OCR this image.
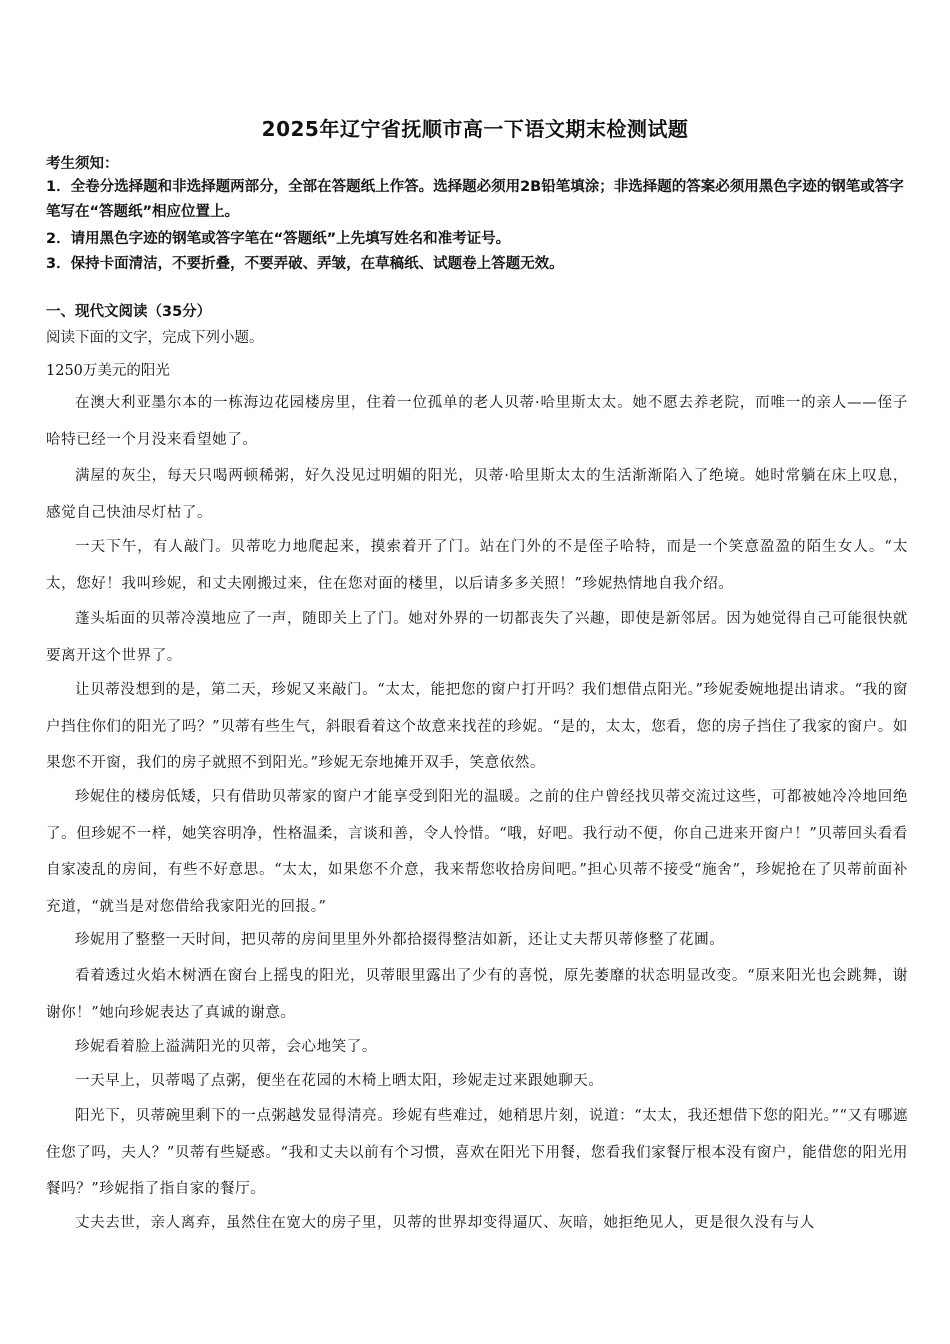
2025年辽宁省抚顺市高一下语文期末检测试题
考生须知：

1．全卷分选择题和非选择题两部分，全部在答题纸上作答。选择题必须用2B铅笔填涂；非选择题的答案必须用黑色字迹的钢笔或答字笔写在“答题纸”相应位置上。

2．请用黑色字迹的钢笔或答字笔在“答题纸”上先填写姓名和准考证号。

3．保持卡面清洁，不要折叠，不要弄破、弄皱，在草稿纸、试题卷上答题无效。

一、现代文阅读（35分）
阅读下面的文字，完成下列小题。
1250万美元的阳光

在澳大利亚墨尔本的一栋海边花园楼房里，住着一位孤单的老人贝蒂·哈里斯太太。她不愿去养老院，而唯一的亲人——侄子哈特已经一个月没来看望她了。

满屋的灰尘，每天只喝两顿稀粥，好久没见过明媚的阳光，贝蒂·哈里斯太太的生活渐渐陷入了绝境。她时常躺在床上叹息，感觉自己快油尽灯枯了。

一天下午，有人敲门。贝蒂吃力地爬起来，摸索着开了门。站在门外的不是侄子哈特，而是一个笑意盈盈的陌生女人。“太太，您好！我叫珍妮，和丈夫刚搬过来，住在您对面的楼里，以后请多多关照！”珍妮热情地自我介绍。

蓬头垢面的贝蒂冷漠地应了一声，随即关上了门。她对外界的一切都丧失了兴趣，即使是新邻居。因为她觉得自己可能很快就要离开这个世界了。

让贝蒂没想到的是，第二天，珍妮又来敲门。“太太，能把您的窗户打开吗？我们想借点阳光。”珍妮委婉地提出请求。“我的窗户挡住你们的阳光了吗？”贝蒂有些生气，斜眼看着这个故意来找茬的珍妮。“是的，太太，您看，您的房子挡住了我家的窗户。如果您不开窗，我们的房子就照不到阳光。”珍妮无奈地摊开双手，笑意依然。

珍妮住的楼房低矮，只有借助贝蒂家的窗户才能享受到阳光的温暖。之前的住户曾经找贝蒂交流过这些，可都被她冷冷地回绝了。但珍妮不一样，她笑容明净，性格温柔，言谈和善，令人怜惜。“哦，好吧。我行动不便，你自己进来开窗户！”贝蒂回头看看自家凌乱的房间，有些不好意思。“太太，如果您不介意，我来帮您收拾房间吧。”担心贝蒂不接受“施舍”，珍妮抢在了贝蒂前面补充道，“就当是对您借给我家阳光的回报。”

珍妮用了整整一天时间，把贝蒂的房间里里外外都拾掇得整洁如新，还让丈夫帮贝蒂修整了花圃。

看着透过火焰木树洒在窗台上摇曳的阳光，贝蒂眼里露出了少有的喜悦，原先萎靡的状态明显改变。“原来阳光也会跳舞，谢谢你！”她向珍妮表达了真诚的谢意。

珍妮看着脸上溢满阳光的贝蒂，会心地笑了。

一天早上，贝蒂喝了点粥，便坐在花园的木椅上晒太阳，珍妮走过来跟她聊天。

阳光下，贝蒂碗里剩下的一点粥越发显得清亮。珍妮有些难过，她稍思片刻，说道：“太太，我还想借下您的阳光。”“又有哪遮住您了吗，夫人？”贝蒂有些疑惑。“我和丈夫以前有个习惯，喜欢在阳光下用餐，您看我们家餐厅根本没有窗户，能借您的阳光用餐吗？”珍妮指了指自家的餐厅。

丈夫去世，亲人离弃，虽然住在宽大的房子里，贝蒂的世界却变得逼仄、灰暗，她拒绝见人，更是很久没有与人
